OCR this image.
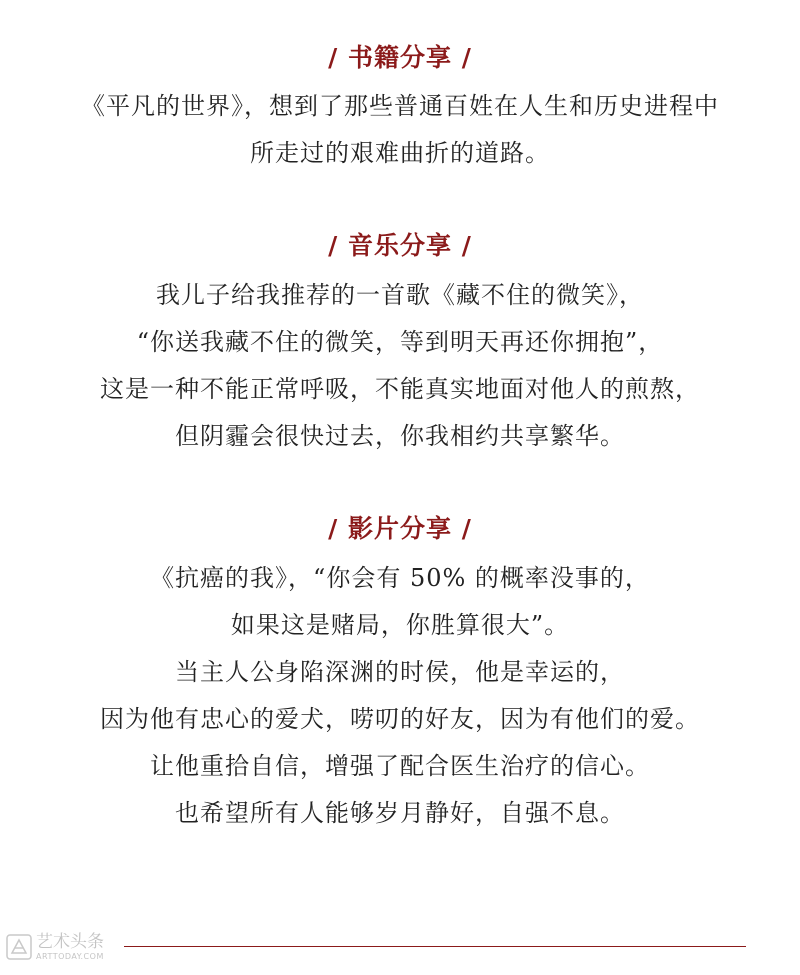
/ 书籍分享 /
《平凡的世界》，想到了那些普通百姓在人生和历史进程中
所走过的艰难曲折的道路。
/ 音乐分享 /
我儿子给我推荐的一首歌《藏不住的微笑》，
“你送我藏不住的微笑，等到明天再还你拥抱”，
这是一种不能正常呼吸，不能真实地面对他人的煎熬，
但阴霾会很快过去，你我相约共享繁华。
/ 影片分享 /
《抗癌的我》，“你会有 50% 的概率没事的，
如果这是赌局，你胜算很大”。
当主人公身陷深渊的时侯，他是幸运的，
因为他有忠心的爱犬，唠叨的好友，因为有他们的爱。
让他重拾自信，增强了配合医生治疗的信心。
也希望所有人能够岁月静好，自强不息。
艺术头条
ARTTODAY.COM
